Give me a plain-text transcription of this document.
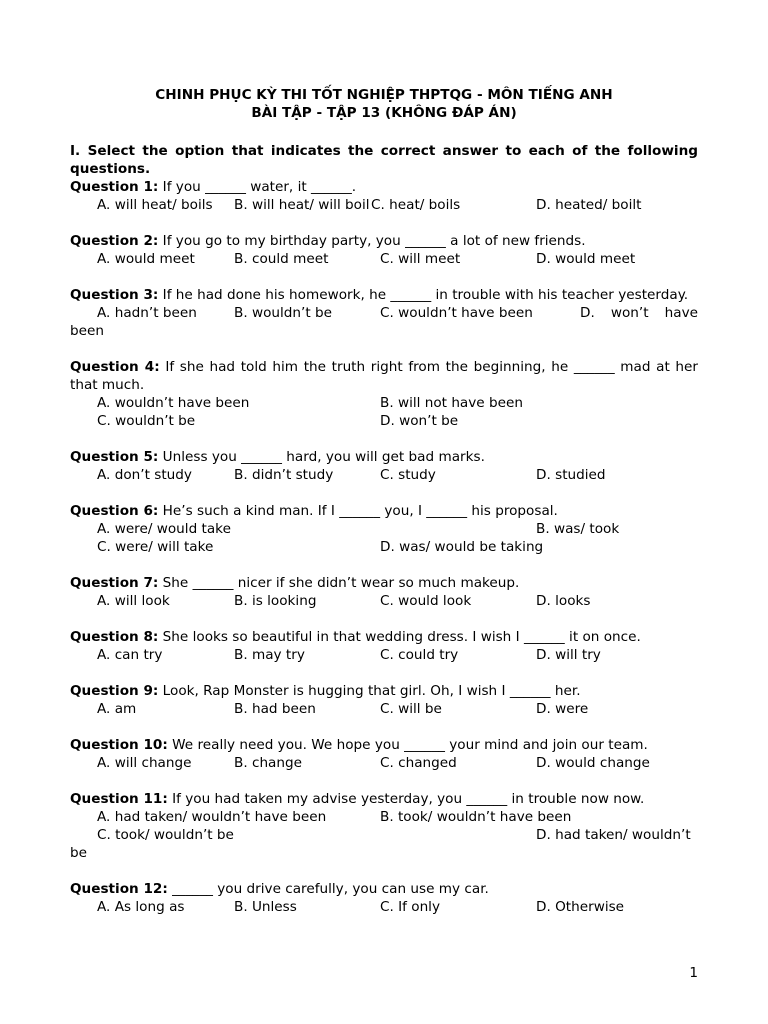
CHINH PHỤC KỲ THI TỐT NGHIỆP THPTQG - MÔN TIẾNG ANH
BÀI TẬP - TẬP 13 (KHÔNG ĐÁP ÁN)
I. Select the option that indicates the correct answer to each of the following questions.
Question 1: If you ______ water, it ______.
A. will heat/ boils B. will heat/ will boil C. heat/ boils	D. heated/ boilt
Question 2: If you go to my birthday party, you ______ a lot of new friends.
A. would meet	B. could meet	C. will meet	D. would meet
Question 3: If he had done his homework, he ______ in trouble with his teacher yesterday.
A. hadn’t been	B. wouldn’t be	C. wouldn’t have been	D. won’t have
been
Question 4: If she had told him the truth right from the beginning, he ______ mad at her that much.
A. wouldn’t have been	B. will not have been
C. wouldn’t be	D. won’t be
Question 5: Unless you ______ hard, you will get bad marks.
A. don’t study	B. didn’t study	C. study	D. studied
Question 6: He’s such a kind man. If I ______ you, I ______ his proposal.
A. were/ would take	B. was/ took
C. were/ will take	D. was/ would be taking
Question 7: She ______ nicer if she didn’t wear so much makeup.
A. will look	B. is looking	C. would look	D. looks
Question 8: She looks so beautiful in that wedding dress. I wish I ______ it on once.
A. can try	B. may try	C. could try	D. will try
Question 9: Look, Rap Monster is hugging that girl. Oh, I wish I ______ her.
A. am	B. had been	C. will be	D. were
Question 10: We really need you. We hope you ______ your mind and join our team.
A. will change	B. change	C. changed	D. would change
Question 11: If you had taken my advise yesterday, you ______ in trouble now now.
A. had taken/ wouldn’t have been	B. took/ wouldn’t have been
C. took/ wouldn’t be	D. had taken/ wouldn’t
be
Question 12: ______ you drive carefully, you can use my car.
A. As long as	B. Unless	C. If only	D. Otherwise
1
